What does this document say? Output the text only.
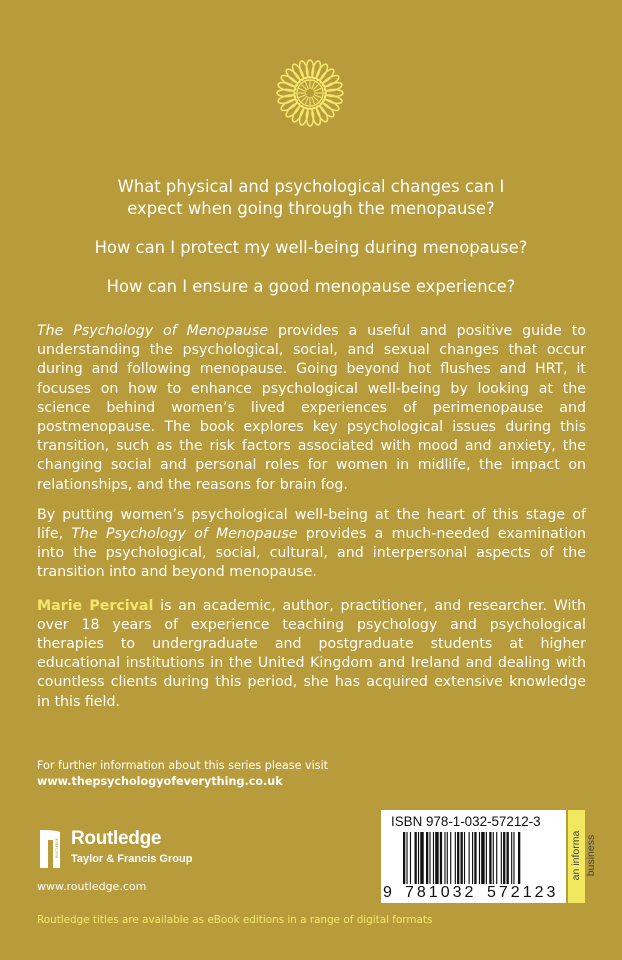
What physical and psychological changes can I expect when going through the menopause?

How can I protect my well-being during menopause?

How can I ensure a good menopause experience?

The Psychology of Menopause provides a useful and positive guide to understanding the psychological, social, and sexual changes that occur during and following menopause. Going beyond hot flushes and HRT, it focuses on how to enhance psychological well-being by looking at the science behind women’s lived experiences of perimenopause and postmenopause. The book explores key psychological issues during this transition, such as the risk factors associated with mood and anxiety, the changing social and personal roles for women in midlife, the impact on relationships, and the reasons for brain fog.

By putting women’s psychological well-being at the heart of this stage of life, The Psychology of Menopause provides a much-needed examination into the psychological, social, cultural, and interpersonal aspects of the transition into and beyond menopause.

Marie Percival is an academic, author, practitioner, and researcher. With over 18 years of experience teaching psychology and psychological therapies to undergraduate and postgraduate students at higher educational institutions in the United Kingdom and Ireland and dealing with countless clients during this period, she has acquired extensive knowledge in this field.

For further information about this series please visit
www.thepsychologyofeverything.co.uk
ROUTLEDGE Routledge
Taylor & Francis Group
www.routledge.com
Routledge titles are available as eBook editions in a range of digital formats
ISBN 978-1-032-57212-3
9 781032 572123
an informa business
